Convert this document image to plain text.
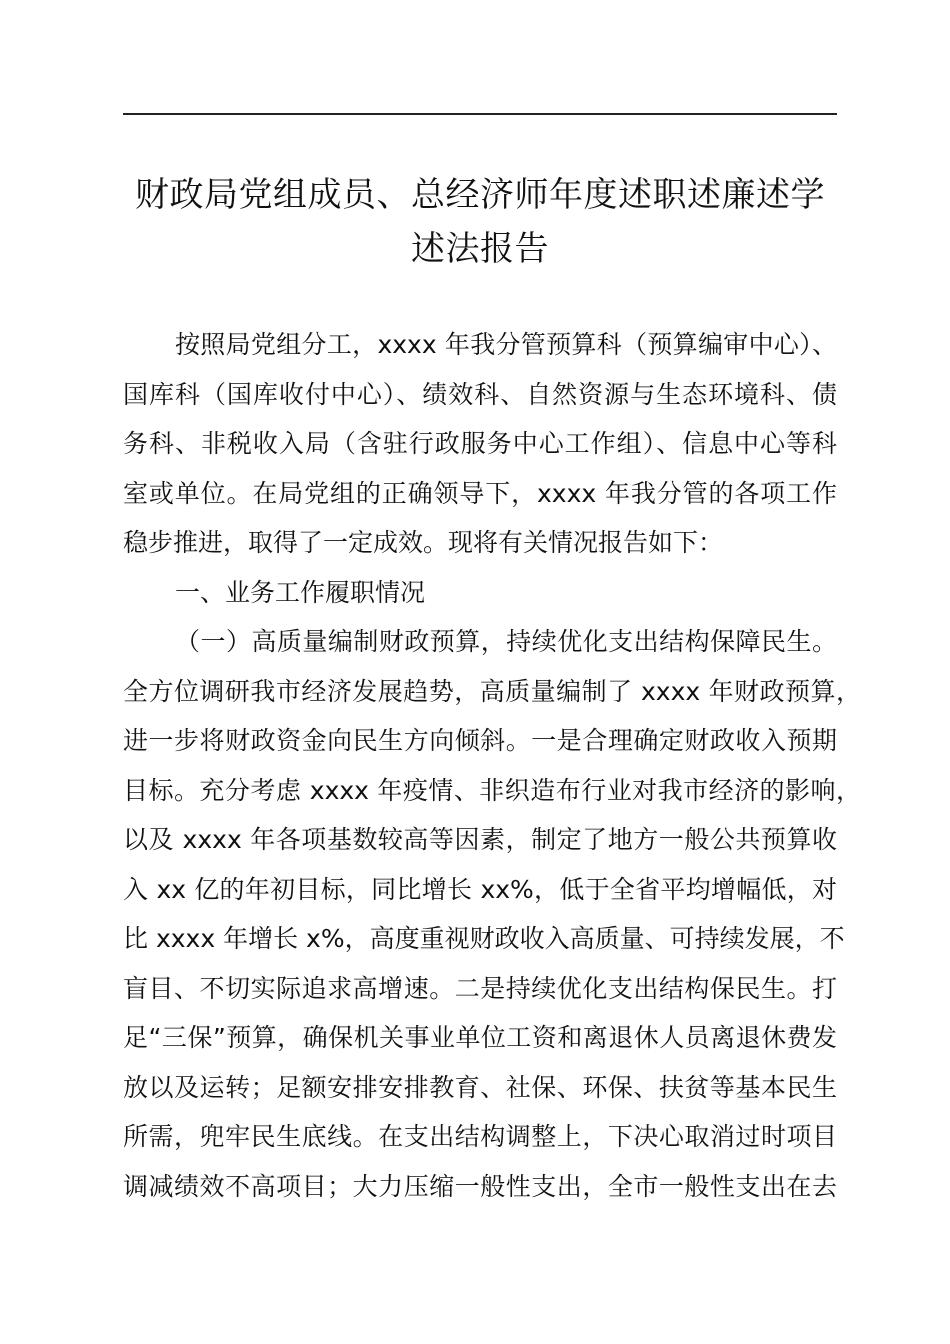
财政局党组成员、总经济师年度述职述廉述学
述法报告
按照局党组分工，xxxx 年我分管预算科（预算编审中心）、
国库科（国库收付中心）、绩效科、自然资源与生态环境科、债
务科、非税收入局（含驻行政服务中心工作组）、信息中心等科
室或单位。在局党组的正确领导下，xxxx 年我分管的各项工作
稳步推进，取得了一定成效。现将有关情况报告如下：
一、业务工作履职情况
（一）高质量编制财政预算，持续优化支出结构保障民生。
全方位调研我市经济发展趋势，高质量编制了 xxxx 年财政预算，
进一步将财政资金向民生方向倾斜。一是合理确定财政收入预期
目标。充分考虑 xxxx 年疫情、非织造布行业对我市经济的影响，
以及 xxxx 年各项基数较高等因素，制定了地方一般公共预算收
入 xx 亿的年初目标，同比增长 xx%，低于全省平均增幅低，对
比 xxxx 年增长 x%，高度重视财政收入高质量、可持续发展，不
盲目、不切实际追求高增速。二是持续优化支出结构保民生。打
足“三保”预算，确保机关事业单位工资和离退休人员离退休费发
放以及运转；足额安排安排教育、社保、环保、扶贫等基本民生
所需，兜牢民生底线。在支出结构调整上，下决心取消过时项目
调减绩效不高项目；大力压缩一般性支出，全市一般性支出在去
